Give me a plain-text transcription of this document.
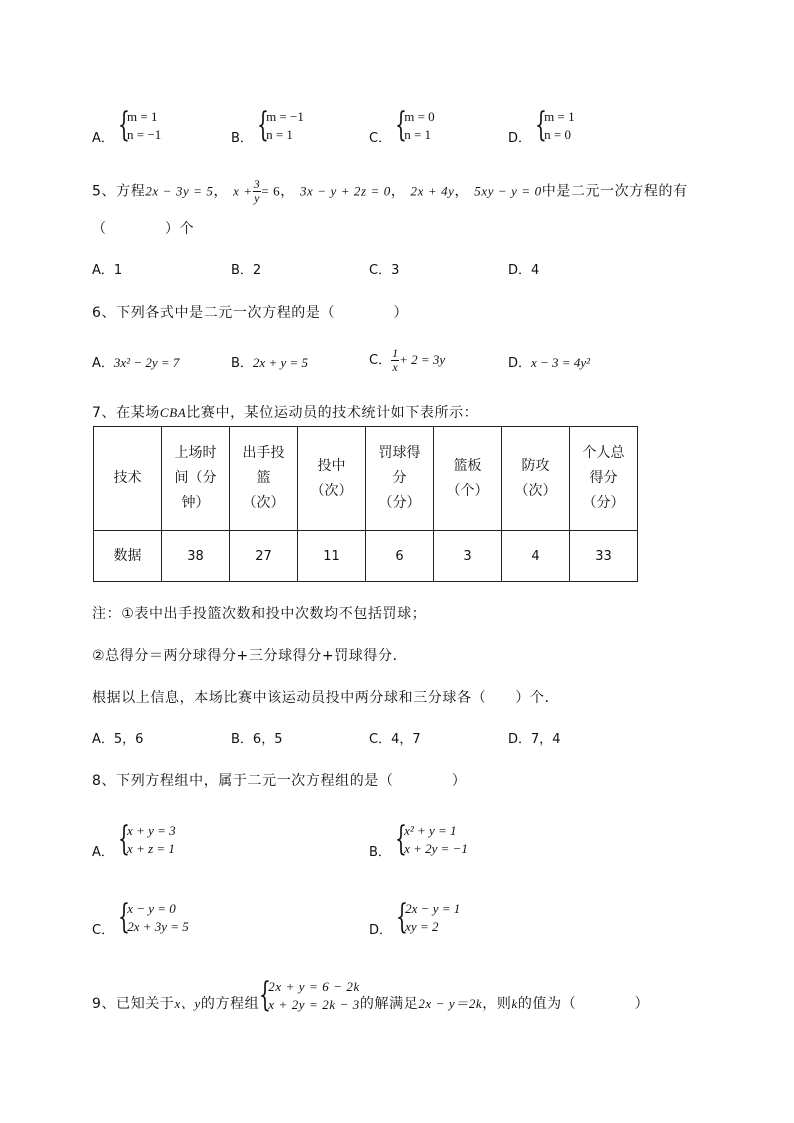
A． {
m = 1
n = −1	B． {
m = −1
n = 1	C． {
m = 0
n = 1	D． {
m = 1
n = 0
5、方程2x − 3y = 5， $x + \frac{3}{y} = 6$， 3x − y + 2z = 0， 2x + 4y， 5xy − y = 0中是二元一次方程的有
（　　　　）个
A．1	B．2	C．3	D．4
6、下列各式中是二元一次方程的是（　　　　）
A．3x² − 2y = 7	B．2x + y = 5	C． $\frac{1}{x} + 2 = 3y$	D．x − 3 = 4y²
7、在某场CBA比赛中，某位运动员的技术统计如下表所示：
技术	上场时
间（分
钟）	出手投
篮
（次）	投中
（次）	罚球得
分
（分）	篮板
（个）	防攻
（次）	个人总
得分
（分）
数据	38	27	11	6	3	4	33
注：①表中出手投篮次数和投中次数均不包括罚球；
②总得分＝两分球得分+三分球得分+罚球得分．
根据以上信息，本场比赛中该运动员投中两分球和三分球各（　　）个．
A．5，6	B．6，5	C．4，7	D．7，4
8、下列方程组中，属于二元一次方程组的是（　　　　）
A． {
x + y = 3
x + z = 1	B． {
x² + y = 1
x + 2y = −1
C． {
x − y = 0
2x + 3y = 5	D． {
2x − y = 1
xy = 2
9、已知关于x、y的方程组 {
2x + y = 6 − 2k
x + 2y = 2k − 3 的解满足2x − y＝2k，则k的值为（　　　　）
